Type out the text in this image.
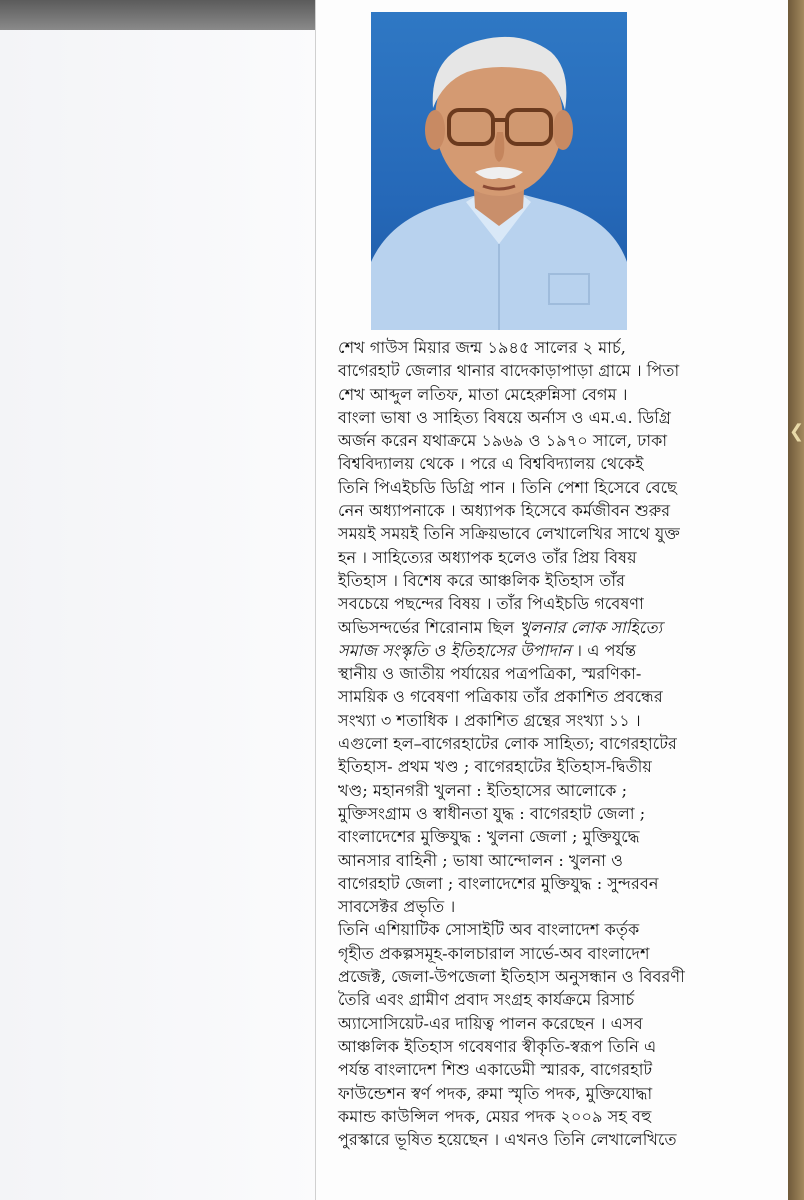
শেখ গাউস মিয়ার জন্ম ১৯৪৫ সালের ২ মার্চ,
বাগেরহাট জেলার থানার বাদেকাড়াপাড়া গ্রামে । পিতা
শেখ আব্দুল লতিফ, মাতা মেহেরুন্নিসা বেগম ।
বাংলা ভাষা ও সাহিত্য বিষয়ে অর্নাস ও এম.এ. ডিগ্রি
অর্জন করেন যথাক্রমে ১৯৬৯ ও ১৯৭০ সালে, ঢাকা
বিশ্ববিদ্যালয় থেকে । পরে এ বিশ্ববিদ্যালয় থেকেই
তিনি পিএইচডি ডিগ্রি পান । তিনি পেশা হিসেবে বেছে
নেন অধ্যাপনাকে । অধ্যাপক হিসেবে কর্মজীবন শুরুর
সময়ই সময়ই তিনি সক্রিয়ভাবে লেখালেখির সাথে যুক্ত
হন । সাহিত্যের অধ্যাপক হলেও তাঁর প্রিয় বিষয়
ইতিহাস । বিশেষ করে আঞ্চলিক ইতিহাস তাঁর
সবচেয়ে পছন্দের বিষয় । তাঁর পিএইচডি গবেষণা
অভিসন্দর্ভের শিরোনাম ছিল খুলনার লোক সাহিত্যে
সমাজ সংস্কৃতি ও ইতিহাসের উপাদান । এ পর্যন্ত
স্থানীয় ও জাতীয় পর্যায়ের পত্রপত্রিকা, স্মরণিকা-
সাময়িক ও গবেষণা পত্রিকায় তাঁর প্রকাশিত প্রবন্ধের
সংখ্যা ৩ শতাধিক । প্রকাশিত গ্রন্থের সংখ্যা ১১ ।
এগুলো হল–বাগেরহাটের লোক সাহিত্য; বাগেরহাটের
ইতিহাস- প্রথম খণ্ড ; বাগেরহাটের ইতিহাস-দ্বিতীয়
খণ্ড; মহানগরী খুলনা : ইতিহাসের আলোকে ;
মুক্তিসংগ্রাম ও স্বাধীনতা যুদ্ধ : বাগেরহাট জেলা ;
বাংলাদেশের মুক্তিযুদ্ধ : খুলনা জেলা ; মুক্তিযুদ্ধে
আনসার বাহিনী ; ভাষা আন্দোলন : খুলনা ও
বাগেরহাট জেলা ; বাংলাদেশের মুক্তিযুদ্ধ : সুন্দরবন
সাবসেক্টর প্রভৃতি ।
তিনি এশিয়াটিক সোসাইটি অব বাংলাদেশ কর্তৃক
গৃহীত প্রকল্পসমূহ-কালচারাল সার্ভে-অব বাংলাদেশ
প্রজেক্ট, জেলা-উপজেলা ইতিহাস অনুসন্ধান ও বিবরণী
তৈরি এবং গ্রামীণ প্রবাদ সংগ্রহ কার্যক্রমে রিসার্চ
অ্যাসোসিয়েট-এর দায়িত্ব পালন করেছেন । এসব
আঞ্চলিক ইতিহাস গবেষণার স্বীকৃতি-স্বরূপ তিনি এ
পর্যন্ত বাংলাদেশ শিশু একাডেমী স্মারক, বাগেরহাট
ফাউন্ডেশন স্বর্ণ পদক, রুমা স্মৃতি পদক, মুক্তিযোদ্ধা
কমান্ড কাউন্সিল পদক, মেয়র পদক ২০০৯ সহ বহু
পুরস্কারে ভূষিত হয়েছেন । এখনও তিনি লেখালেখিতে
❮
